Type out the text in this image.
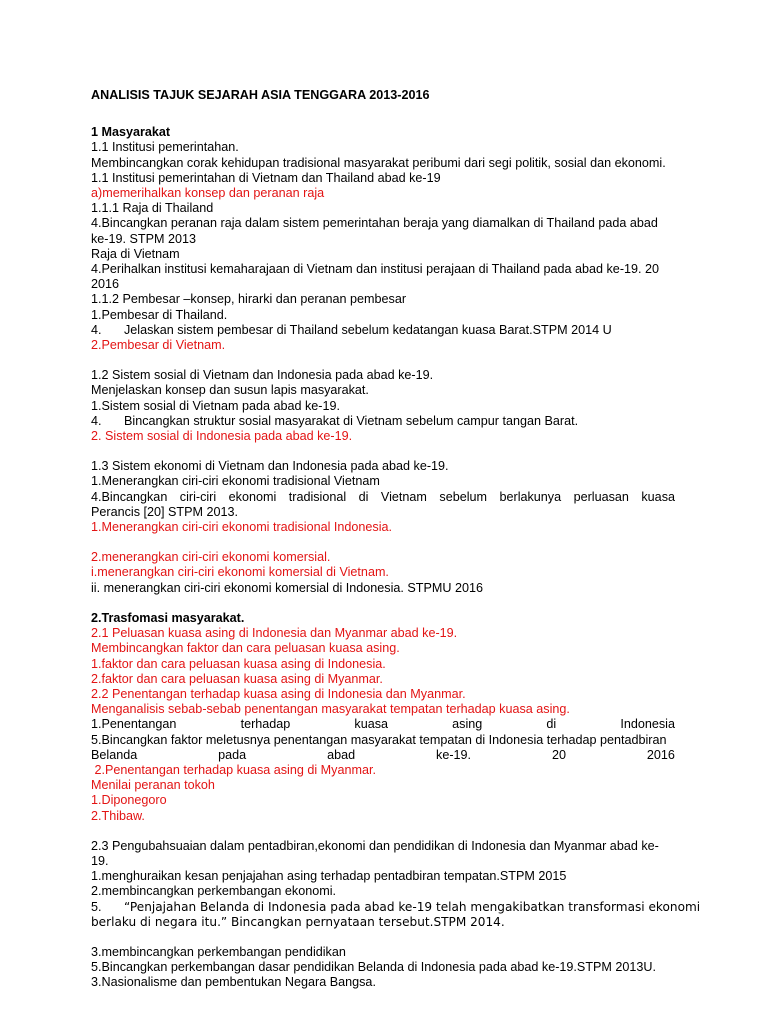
ANALISIS TAJUK SEJARAH ASIA TENGGARA 2013-2016
1 Masyarakat
1.1 Institusi pemerintahan.
Membincangkan corak kehidupan tradisional masyarakat peribumi dari segi politik, sosial dan ekonomi.
1.1 Institusi pemerintahan di Vietnam dan Thailand abad ke-19
a)memerihalkan konsep dan peranan raja
1.1.1 Raja di Thailand
4.Bincangkan peranan raja dalam sistem pemerintahan beraja yang diamalkan di Thailand pada abad
ke-19. STPM 2013
Raja di Vietnam
4.Perihalkan institusi kemaharajaan di Vietnam dan institusi perajaan di Thailand pada abad ke-19. 20
2016
1.1.2 Pembesar –konsep, hirarki dan peranan pembesar
1.Pembesar di Thailand.
4. Jelaskan sistem pembesar di Thailand sebelum kedatangan kuasa Barat.STPM 2014 U
2.Pembesar di Vietnam.
1.2 Sistem sosial di Vietnam dan Indonesia pada abad ke-19.
Menjelaskan konsep dan susun lapis masyarakat.
1.Sistem sosial di Vietnam pada abad ke-19.
4. Bincangkan struktur sosial masyarakat di Vietnam sebelum campur tangan Barat.
2. Sistem sosial di Indonesia pada abad ke-19.
1.3 Sistem ekonomi di Vietnam dan Indonesia pada abad ke-19.
1.Menerangkan ciri-ciri ekonomi tradisional Vietnam
4.Bincangkan ciri-ciri ekonomi tradisional di Vietnam sebelum berlakunya perluasan kuasa
Perancis [20] STPM 2013.
1.Menerangkan ciri-ciri ekonomi tradisional Indonesia.
2.menerangkan ciri-ciri ekonomi komersial.
i.menerangkan ciri-ciri ekonomi komersial di Vietnam.
ii. menerangkan ciri-ciri ekonomi komersial di Indonesia. STPMU 2016
2.Trasfomasi masyarakat.
2.1 Peluasan kuasa asing di Indonesia dan Myanmar abad ke-19.
Membincangkan faktor dan cara peluasan kuasa asing.
1.faktor dan cara peluasan kuasa asing di Indonesia.
2.faktor dan cara peluasan kuasa asing di Myanmar.
2.2 Penentangan terhadap kuasa asing di Indonesia dan Myanmar.
Menganalisis sebab-sebab penentangan masyarakat tempatan terhadap kuasa asing.
1.Penentangan	terhadap	kuasa	asing	di	Indonesia
5.Bincangkan faktor meletusnya penentangan masyarakat tempatan di Indonesia terhadap pentadbiran
Belanda	pada	abad	ke-19.	20	2016
2.Penentangan terhadap kuasa asing di Myanmar.
Menilai peranan tokoh
1.Diponegoro
2.Thibaw.
2.3 Pengubahsuaian dalam pentadbiran,ekonomi dan pendidikan di Indonesia dan Myanmar abad ke-
19.
1.menghuraikan kesan penjajahan asing terhadap pentadbiran tempatan.STPM 2015
2.membincangkan perkembangan ekonomi.
5. “Penjajahan Belanda di Indonesia pada abad ke-19 telah mengakibatkan transformasi ekonomi
berlaku di negara itu.” Bincangkan pernyataan tersebut.STPM 2014.
3.membincangkan perkembangan pendidikan
5.Bincangkan perkembangan dasar pendidikan Belanda di Indonesia pada abad ke-19.STPM 2013U.
3.Nasionalisme dan pembentukan Negara Bangsa.
